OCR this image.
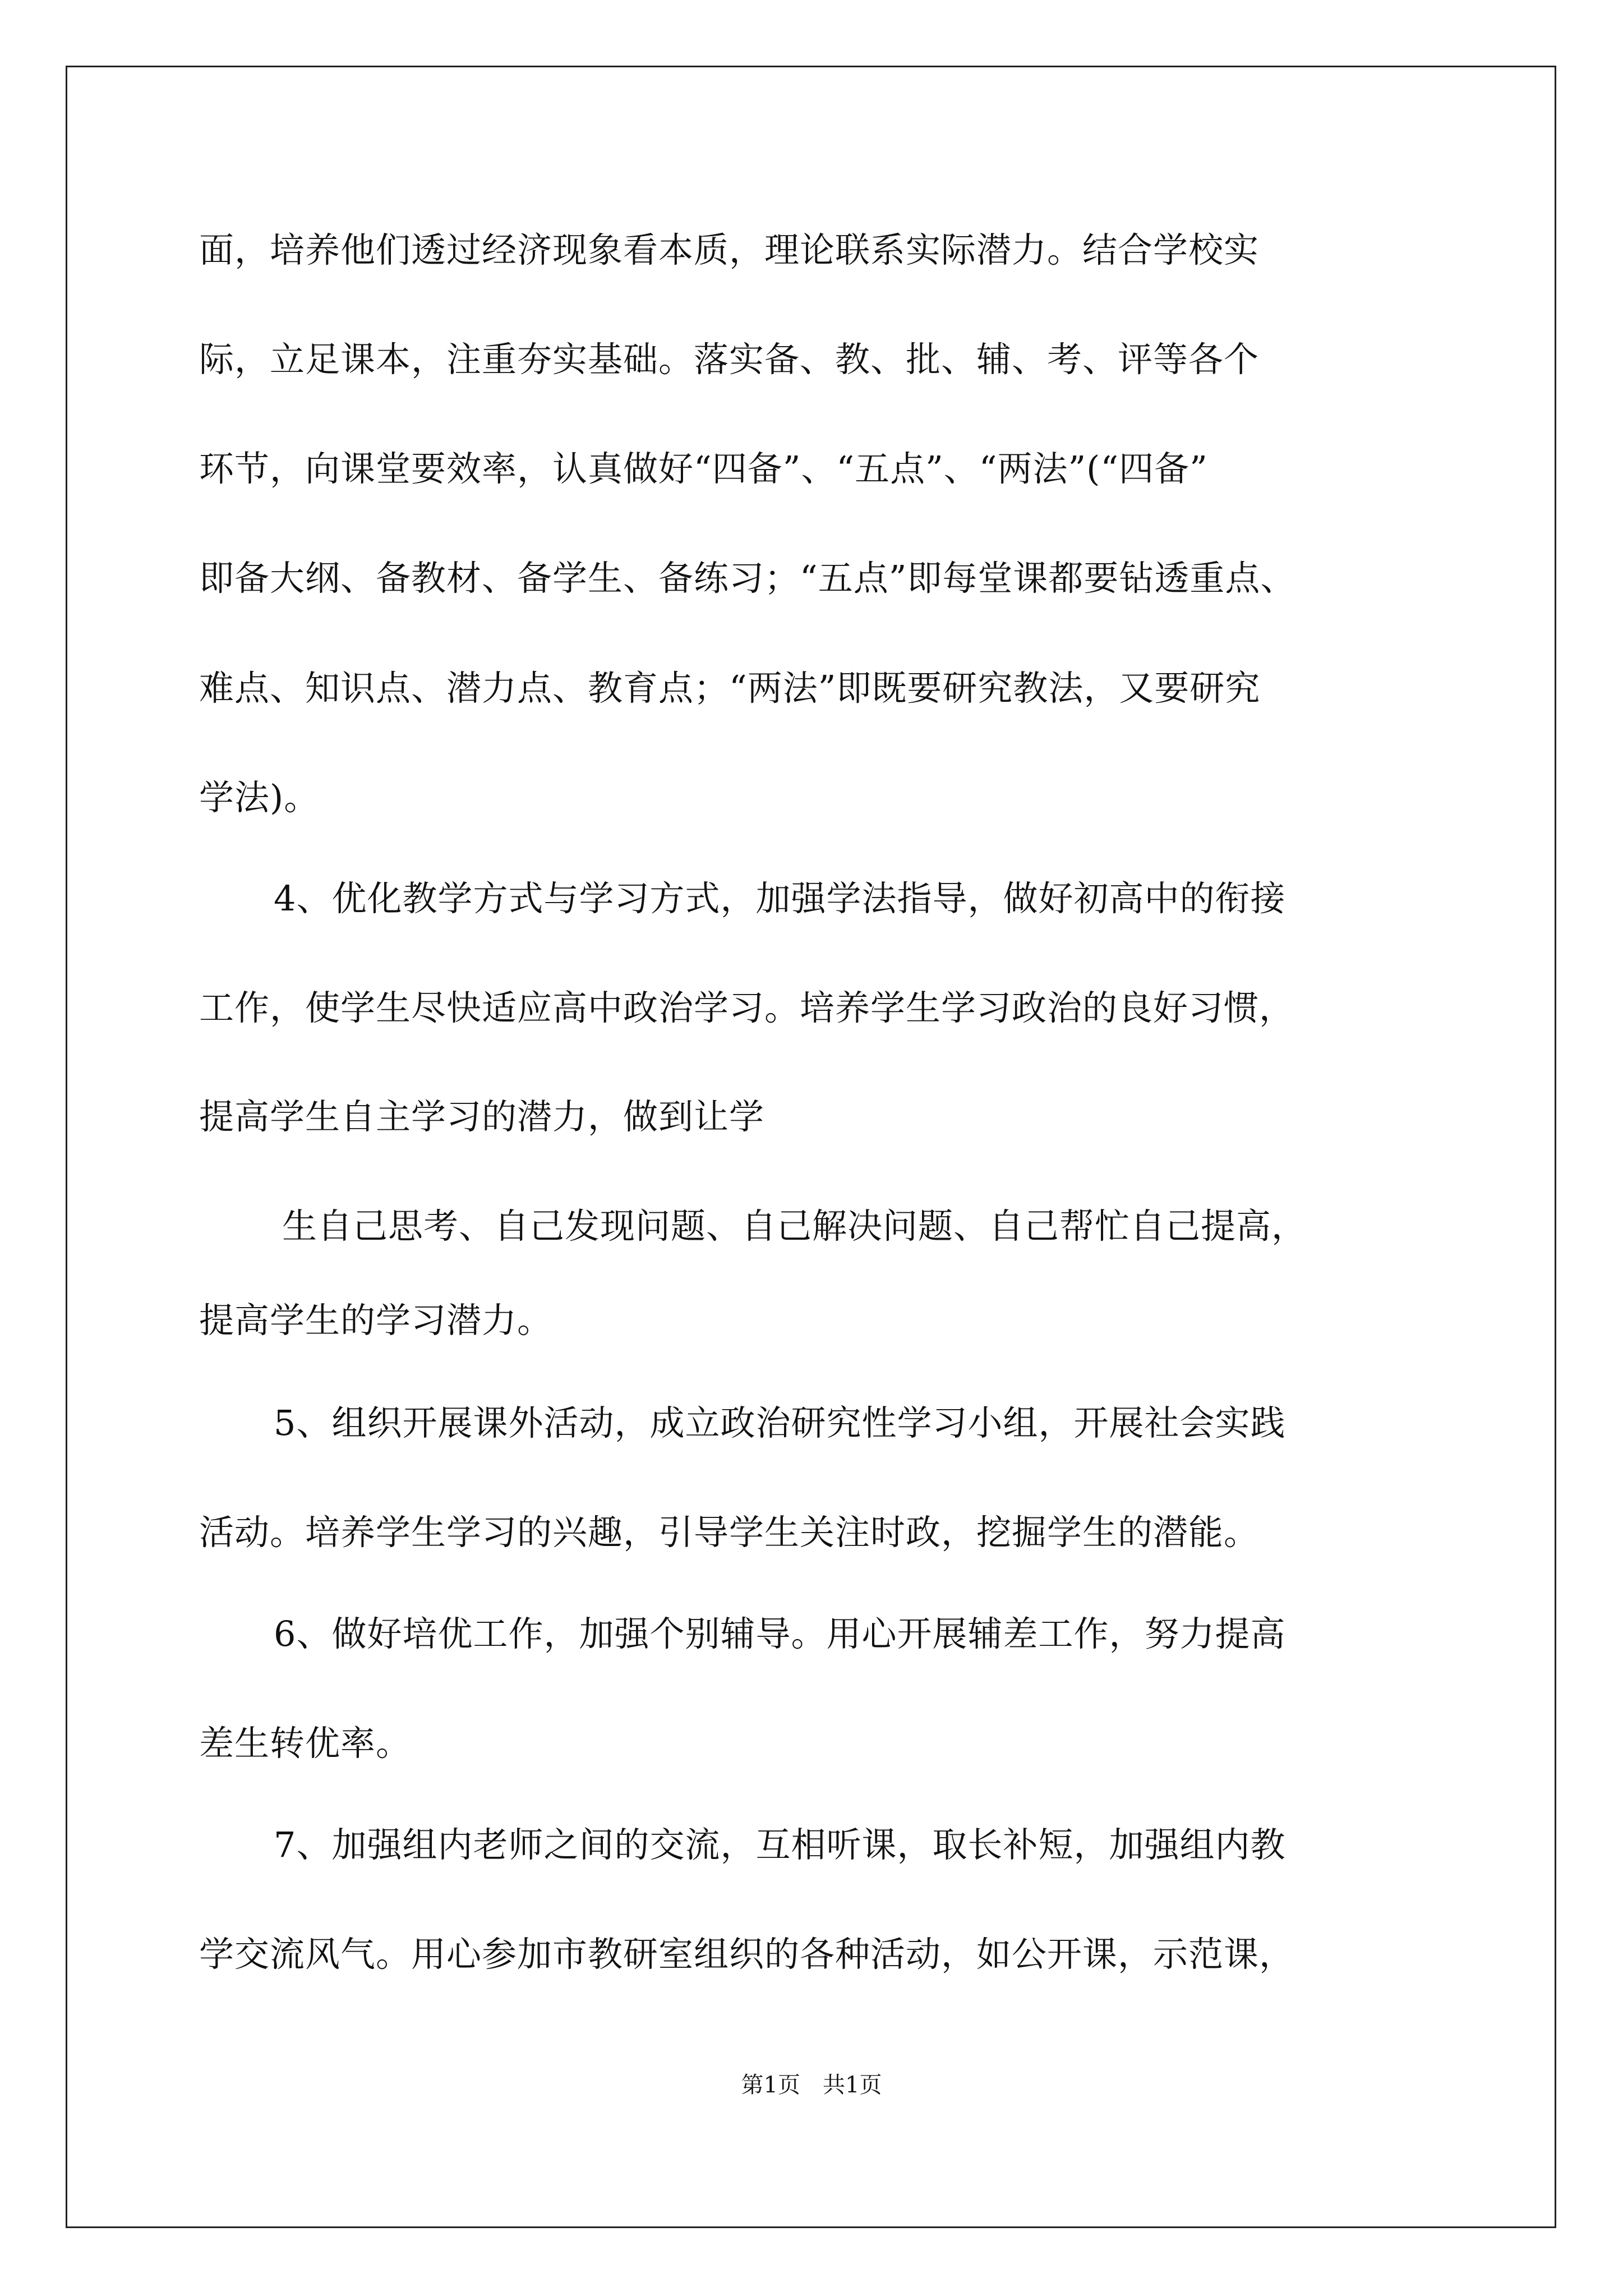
面，培养他们透过经济现象看本质，理论联系实际潜力。结合学校实
际，立足课本，注重夯实基础。落实备、教、批、辅、考、评等各个
环节，向课堂要效率，认真做好“四备”、“五点”、“两法”(“四备”
即备大纲、备教材、备学生、备练习；“五点”即每堂课都要钻透重点、
难点、知识点、潜力点、教育点；“两法”即既要研究教法，又要研究
学法)。
　4、优化教学方式与学习方式，加强学法指导，做好初高中的衔接
工作，使学生尽快适应高中政治学习。培养学生学习政治的良好习惯，
提高学生自主学习的潜力，做到让学
　生自己思考、自己发现问题、自己解决问题、自己帮忙自己提高，
提高学生的学习潜力。
　5、组织开展课外活动，成立政治研究性学习小组，开展社会实践
活动。培养学生学习的兴趣，引导学生关注时政，挖掘学生的潜能。
　6、做好培优工作，加强个别辅导。用心开展辅差工作，努力提高
差生转优率。
　7、加强组内老师之间的交流，互相听课，取长补短，加强组内教
学交流风气。用心参加市教研室组织的各种活动，如公开课，示范课，
第1页　共1页
